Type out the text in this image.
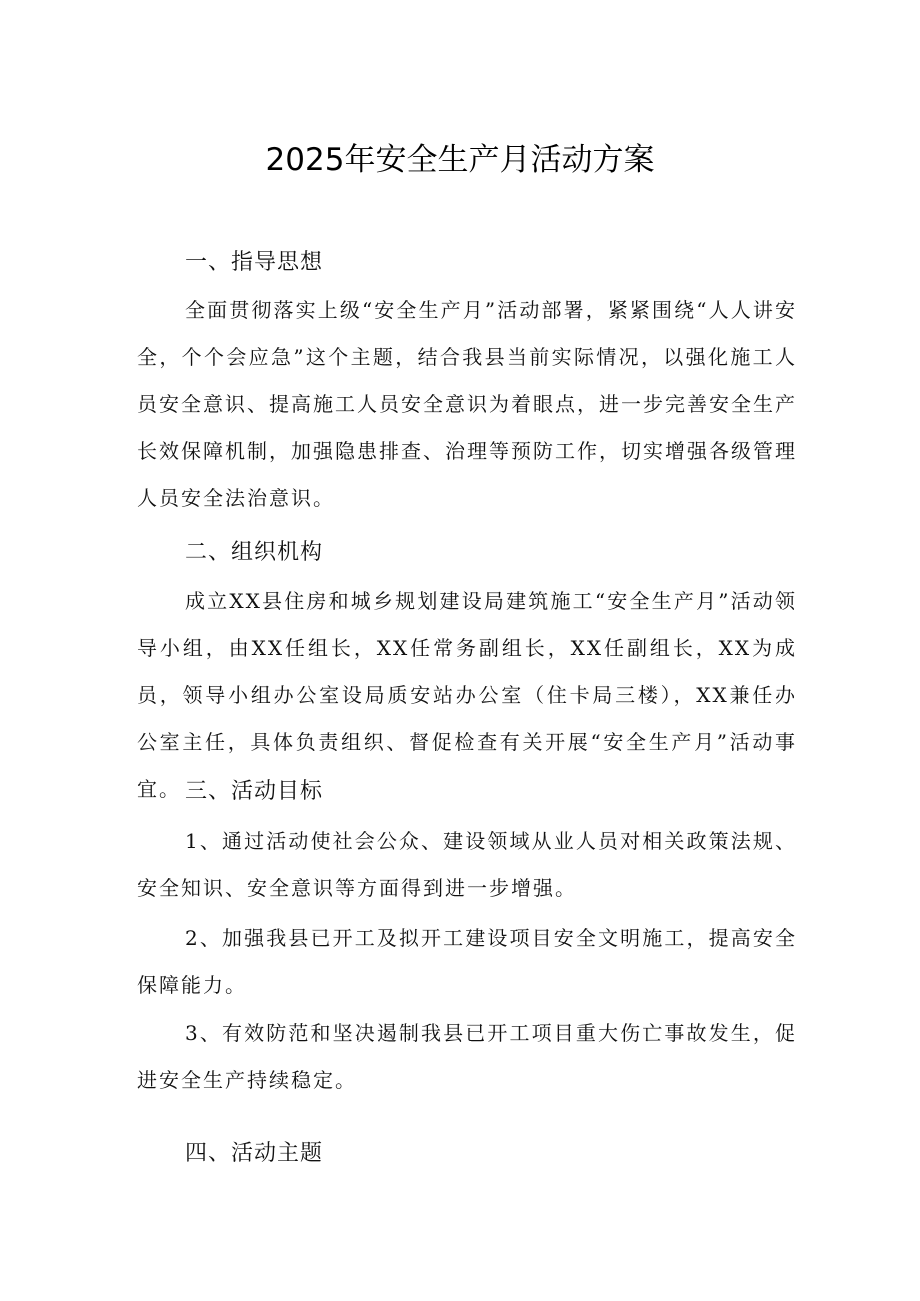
2025年安全生产月活动方案
一、指导思想

全面贯彻落实上级“安全生产月”活动部署，紧紧围绕“人人讲安全，个个会应急”这个主题，结合我县当前实际情况，以强化施工人员安全意识、提高施工人员安全意识为着眼点，进一步完善安全生产长效保障机制，加强隐患排查、治理等预防工作，切实增强各级管理人员安全法治意识。

二、组织机构

成立XX县住房和城乡规划建设局建筑施工“安全生产月”活动领导小组，由XX任组长，XX任常务副组长，XX任副组长，XX为成员，领导小组办公室设局质安站办公室（住卡局三楼），XX兼任办公室主任，具体负责组织、督促检查有关开展“安全生产月”活动事宜。 三、活动目标

1、通过活动使社会公众、建设领域从业人员对相关政策法规、安全知识、安全意识等方面得到进一步增强。

2、加强我县已开工及拟开工建设项目安全文明施工，提高安全保障能力。

3、有效防范和坚决遏制我县已开工项目重大伤亡事故发生，促进安全生产持续稳定。

四、活动主题
